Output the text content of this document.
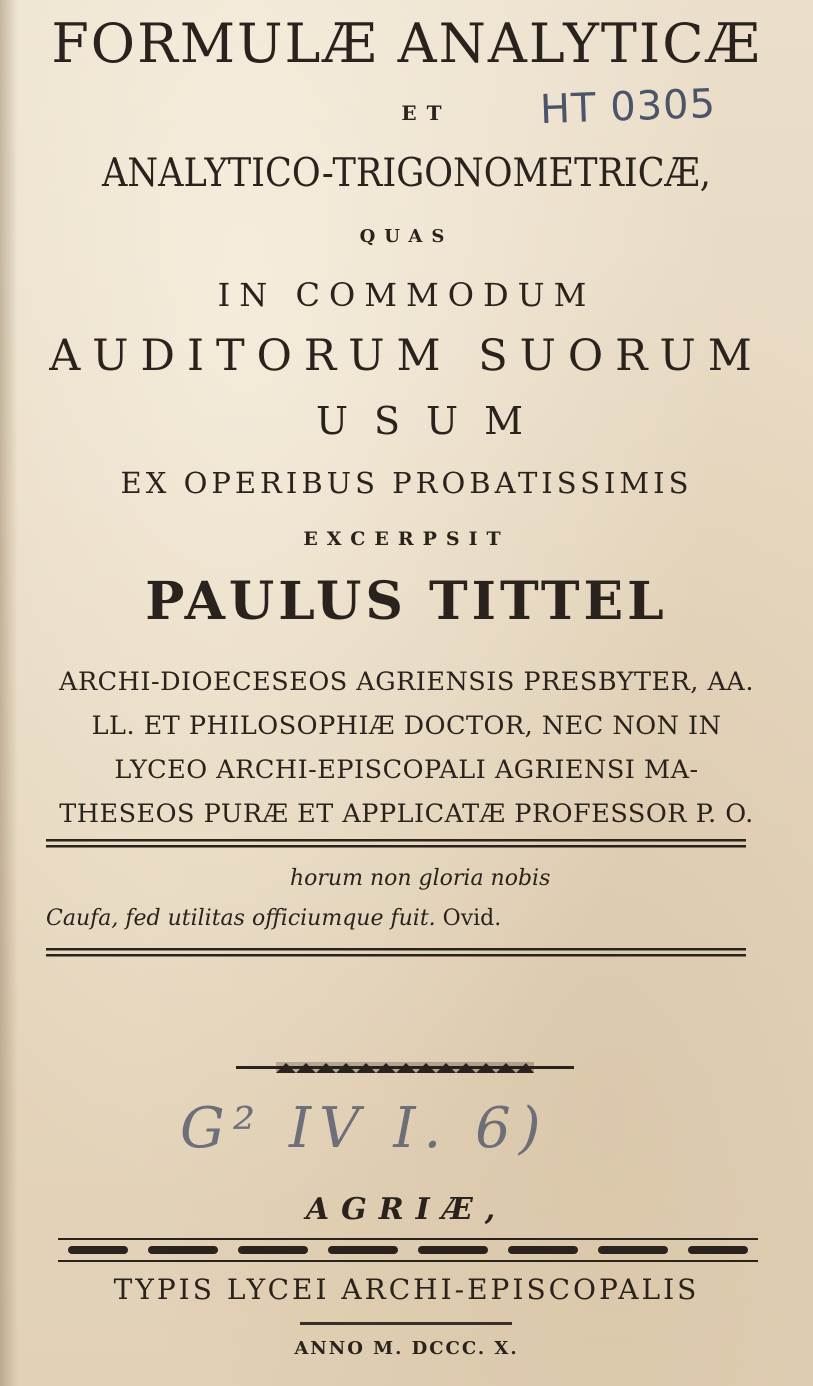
FORMULÆ ANALYTICÆ
ET
ANALYTICO-TRIGONOMETRICÆ,
QUAS
IN COMMODUM
AUDITORUM SUORUM
USUM
EX OPERIBUS PROBATISSIMIS
EXCERPSIT
PAULUS TITTEL
ARCHI-DIOECESEOS AGRIENSIS PRESBYTER, AA.
LL. ET PHILOSOPHIÆ DOCTOR, NEC NON IN
LYCEO ARCHI-EPISCOPALI AGRIENSI MA-
THESEOS PURÆ ET APPLICATÆ PROFESSOR P. O.
horum non gloria nobis
Caufa, fed utilitas officiumque fuit. Ovid.
HT 0305
G² IV I. 6)
AGRIÆ,
TYPIS LYCEI ARCHI-EPISCOPALIS
ANNO M. DCCC. X.
